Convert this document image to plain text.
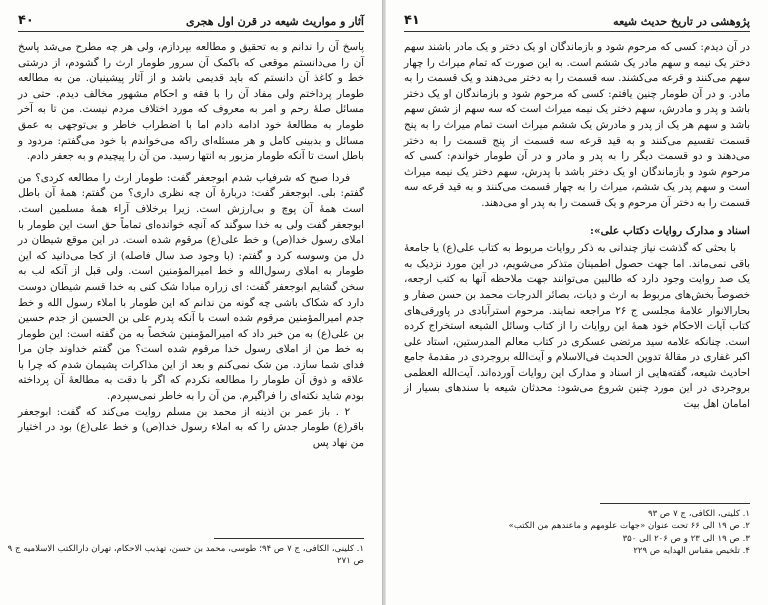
آثار و مواریث شیعه در قرن اول هجری
۴۰

پاسخ آن را ندانم و به تحقیق و مطالعه بپردازم، ولی هر چه مطرح می‌شد پاسخ آن را می‌دانستم موقعی که باکمک آن سرور طومار ارث را گشودم، از درشتی خط و کاغذ آن دانستم که باید قدیمی باشد و از آثار پیشینیان. من به مطالعه طومار پرداختم ولی مفاد آن را با فقه و احکام مشهور مخالف دیدم. حتی در مسائل صلهٔ رحم و امر به معروف که مورد اختلاف مردم نیست. من تا به آخر طومار به مطالعهٔ خود ادامه دادم اما با اضطراب خاطر و بی‌توجهی به عمق مسائل و بدبینی کامل و هر مسئله‌ای راکه می‌خواندم با خود می‌گفتم: مردود و باطل است تا آنکه طومار مزبور به انتها رسید. من آن را پیچیدم و به جعفر دادم.

فردا صبح که شرفیاب شدم ابوجعفر گفت: طومار ارث را مطالعه کردی؟ من گفتم: بلی. ابوجعفر گفت: دربارهٔ آن چه نظری داری؟ من گفتم: همهٔ آن باطل است همهٔ آن پوچ و بی‌ارزش است. زیرا برخلاف آراء همهٔ مسلمین است. ابوجعفر گفت ولی به خدا سوگند که آنچه خوانده‌ای تماماً حق است این طومار با املای رسول خدا(ص) و خط علی(ع) مرقوم شده است. در این موقع شیطان در دل من وسوسه کرد و گفتم: (با وجود صد سال فاصله) از کجا می‌دانید که این طومار به املای رسول‌الله و خط امیرالمؤمنین است. ولی قبل از آنکه لب به سخن گشایم ابوجعفر گفت: ای زراره مبادا شک کنی به خدا قسم شیطان دوست دارد که شکاک باشی چه گونه من ندانم که این طومار با املاء رسول الله و خط جدم امیرالمؤمنین مرقوم شده است با آنکه پدرم علی بن الحسین از جدم حسین بن علی(ع) به من خبر داد که امیرالمؤمنین شخصاً به من گفته است: این طومار به خط من از املای رسول خدا مرقوم شده است؟ من گفتم خداوند جان مرا فدای شما سازد. من شک نمی‌کنم و بعد از این مذاکرات پشیمان شدم که چرا با علاقه و ذوق آن طومار را مطالعه نکردم که اگر با دقت به مطالعهٔ آن پرداخته بودم شاید نکته‌ای را فراگیرم. من آن را به خاطر نمی‌سپردم.

۲ . باز عمر بن اذینه از محمد بن مسلم روایت می‌کند که گفت: ابوجعفر باقر(ع) طومار جدش را که به املاء رسول خدا(ص) و خط علی(ع) بود در اختیار من نهاد پس

۱. کلینی، الکافی، ج ۷ ص ۹۴؛ طوسی، محمد بن حسن، تهذیب الاحکام، تهران دارالکتب الاسلامیه ج ۹
ص ۲۷۱
پژوهشی در تاریخ حدیث شیعه
۴۱

در آن دیدم: کسی که مرحوم شود و بازماندگان او یک دختر و یک مادر باشند سهم دختر یک نیمه و سهم مادر یک ششم است. به این صورت که تمام میراث را چهار سهم می‌کنند و قرعه می‌کشند. سه قسمت را به دختر می‌دهند و یک قسمت را به مادر. و در آن طومار چنین یافتم: کسی که مرحوم شود و بازماندگان او یک دختر باشد و پدر و مادرش، سهم دختر یک نیمه میراث است که سه سهم از شش سهم باشد و سهم هر یک از پدر و مادرش یک ششم میراث است تمام میراث را به پنج قسمت تقسیم می‌کنند و به قید قرعه سه قسمت از پنج قسمت را به دختر می‌دهند و دو قسمت دیگر را به پدر و مادر و در آن طومار خواندم: کسی که مرحوم شود و بازماندگان او یک دختر باشد با پدرش، سهم دختر یک نیمه میراث است و سهم پدر یک ششم، میراث را به چهار قسمت می‌کنند و به قید قرعه سه قسمت را به دختر آن مرحوم و یک قسمت را به پدر او می‌دهند.

اسناد و مدارک روایات دکتاب علی»:

با بحثی که گذشت نیاز چندانی به ذکر روایات مربوط به کتاب علی(ع) یا جامعهٔ باقی نمی‌ماند. اما جهت حصول اطمینان متذکر می‌شویم، در این مورد نزدیک به یک صد روایت وجود دارد که طالبین می‌توانند جهت ملاحظه آنها به کتب ارجعه، خصوصاً بخش‌های مربوط به ارث و دیات، بصائر الدرجات محمد بن حسن صفار و بحارالانوار علامهٔ مجلسی ج ۲۶ مراجعه نمایند. مرحوم استرآبادی در پاورقی‌های کتاب آیات الاحکام خود همهٔ این روایات را از کتاب وسائل الشیعه استخراج کرده است. چنانکه علامه سید مرتضی عسکری در کتاب معالم المدرستین، استاد علی اکبر غفاری در مقالهٔ تدوین الحدیث فی‌الاسلام و آیت‌الله بروجردی در مقدمهٔ جامع احادیث شیعه، گفته‌هایی از اسناد و مدارک این روایات آورده‌اند. آیت‌الله العظمی بروجردی در این مورد چنین شروع می‌شود: محدثان شیعه با سندهای بسیار از امامان اهل بیت

۱. کلینی، الکافی، ج ۷ ص ۹۳
۲. ص ۱۹ الی ۶۶ تحت عنوان «جهات علومهم و ماعندهم من الکتب»
۳. ص ۱۹ الی ۲۳ و ص ۲۰۶ الی ۳۵۰
۴. تلخیص مقباس الهدایه ص ۲۲۹
